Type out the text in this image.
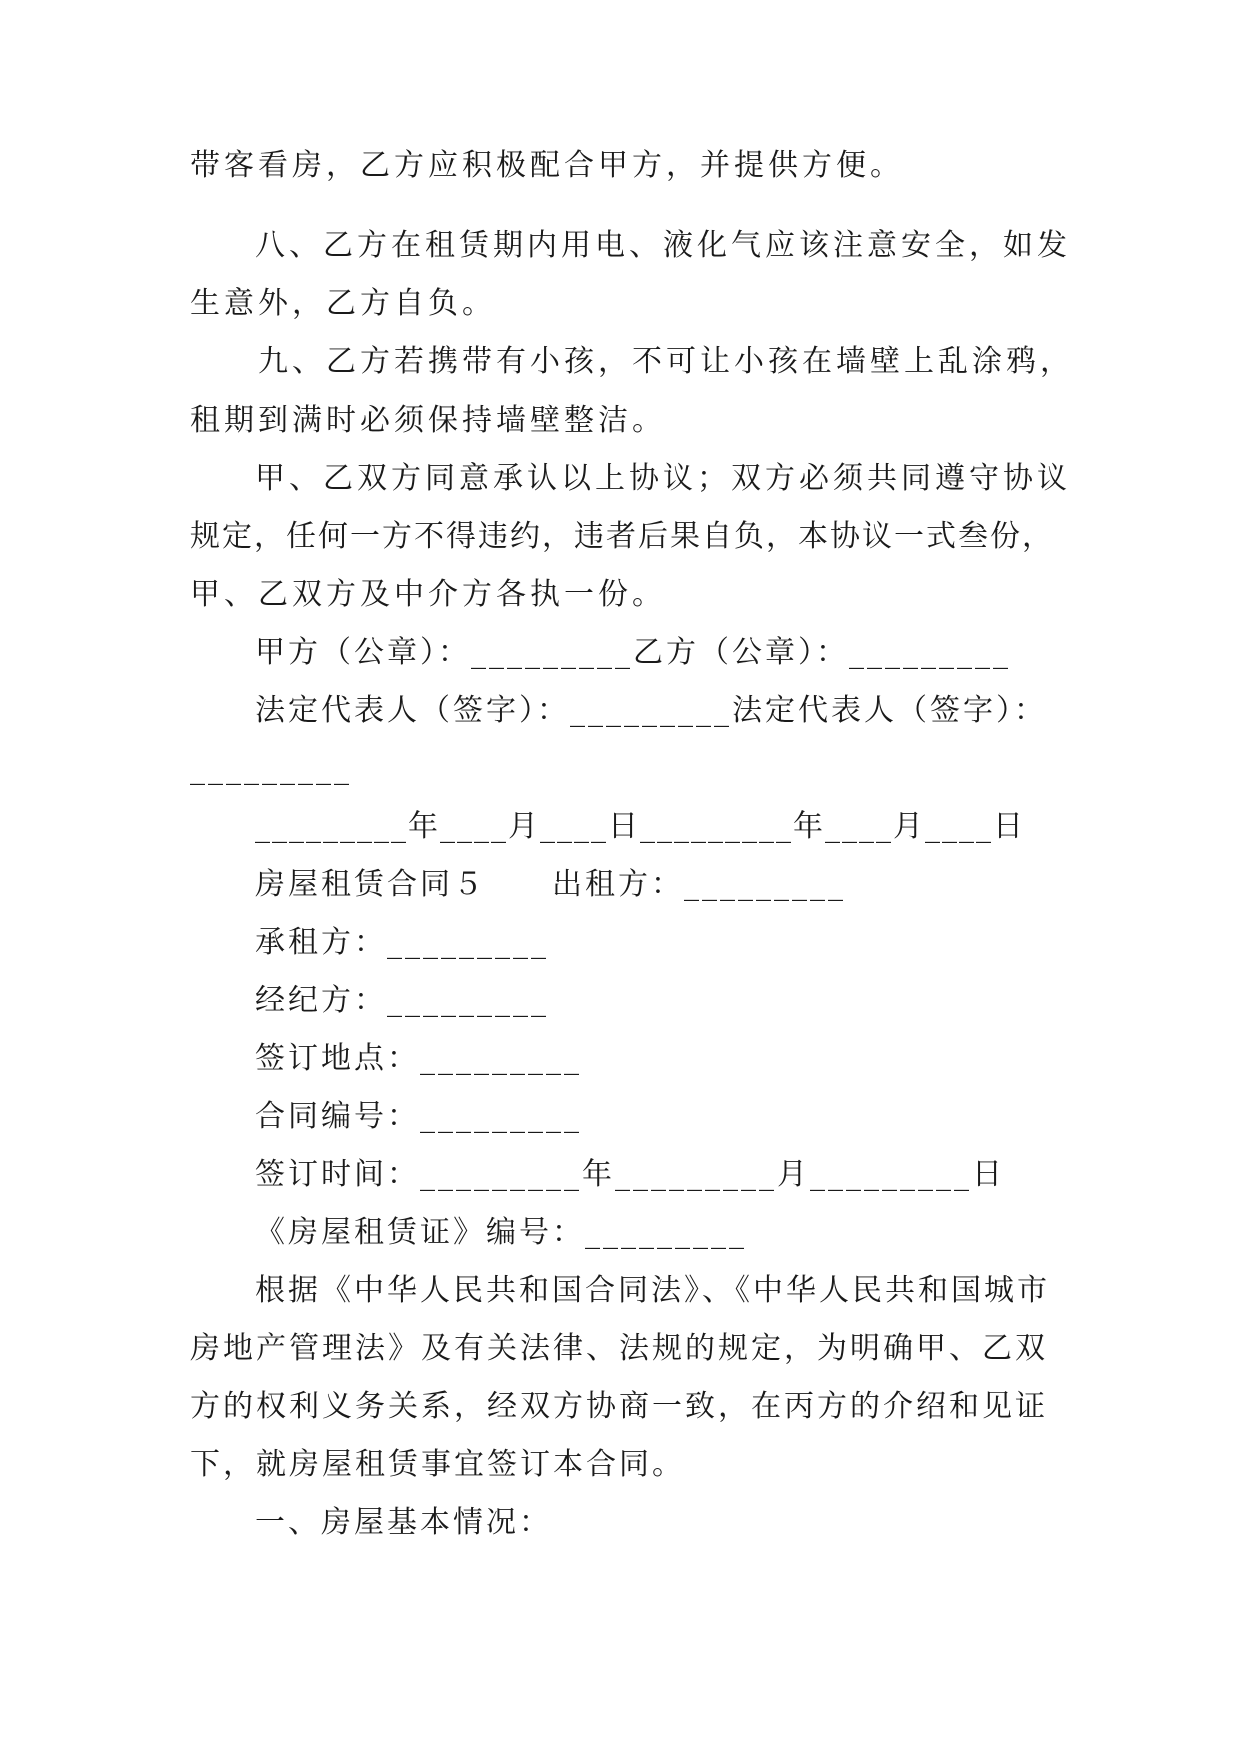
带客看房，乙方应积极配合甲方，并提供方便。
八、乙方在租赁期内用电、液化气应该注意安全，如发
生意外，乙方自负。
九、乙方若携带有小孩，不可让小孩在墙壁上乱涂鸦，
租期到满时必须保持墙壁整洁。
甲、乙双方同意承认以上协议；双方必须共同遵守协议
规定，任何一方不得违约，违者后果自负，本协议一式叁份，
甲、乙双方及中介方各执一份。
甲方（公章）：_________乙方（公章）：_________
法定代表人（签字）：_________法定代表人（签字）：
_________
_________年____月____日_________年____月____日
房屋租赁合同５　　出租方：_________
承租方：_________
经纪方：_________
签订地点：_________
合同编号：_________
签订时间：_________年_________月_________日
《房屋租赁证》编号：_________
根据《中华人民共和国合同法》、《中华人民共和国城市
房地产管理法》及有关法律、法规的规定，为明确甲、乙双
方的权利义务关系，经双方协商一致，在丙方的介绍和见证
下，就房屋租赁事宜签订本合同。
一、房屋基本情况：
